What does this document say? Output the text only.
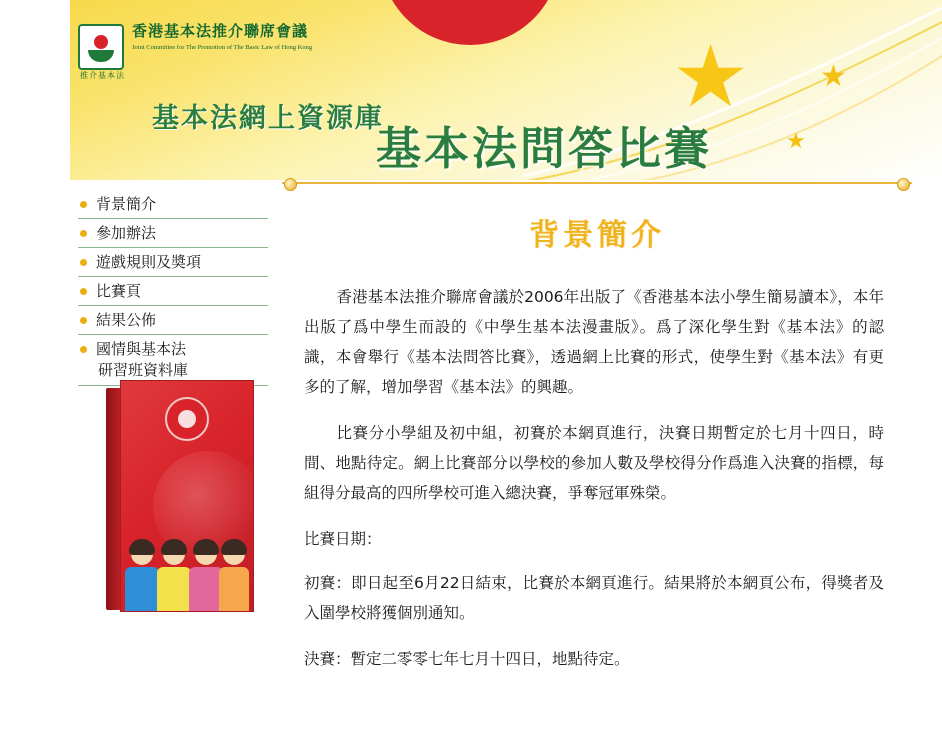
★ ★
★
✦
香港基本法推介聯席會議
Joint Committee for The Promotion of The Basic Law of Hong Kong
推介基本法
基本法網上資源庫
基本法問答比賽
背景簡介
參加辦法
遊戲規則及奬項
比賽頁
結果公佈
國情與基本法
研習班資料庫
背景簡介

香港基本法推介聯席會議於2006年出版了《香港基本法小學生簡易讀本》，本年出版了爲中學生而設的《中學生基本法漫畫版》。爲了深化學生對《基本法》的認識，本會舉行《基本法問答比賽》，透過網上比賽的形式，使學生對《基本法》有更多的了解，增加學習《基本法》的興趣。

比賽分小學組及初中組，初賽於本網頁進行，決賽日期暫定於七月十四日，時間、地點待定。網上比賽部分以學校的參加人數及學校得分作爲進入決賽的指標，每組得分最高的四所學校可進入總決賽，爭奪冠軍殊榮。

比賽日期：

初賽：即日起至6月22日結束，比賽於本網頁進行。結果將於本網頁公布，得獎者及入圍學校將獲個別通知。

決賽：暫定二零零七年七月十四日，地點待定。
